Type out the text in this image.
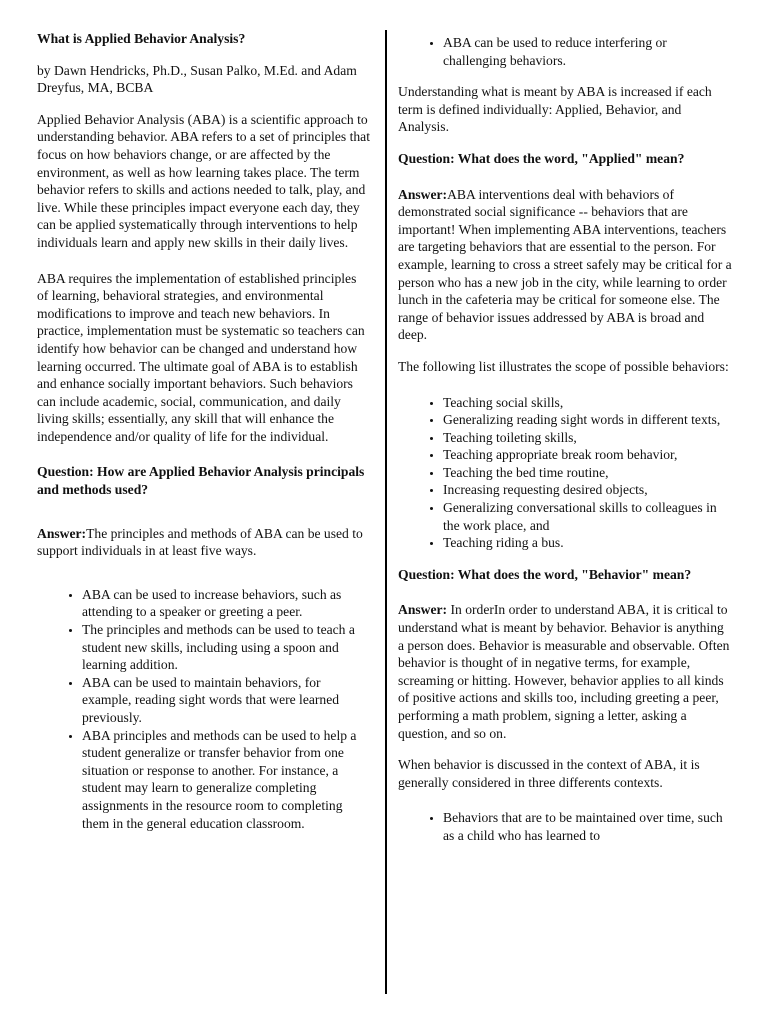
What is Applied Behavior Analysis?

by Dawn Hendricks, Ph.D., Susan Palko, M.Ed. and Adam Dreyfus, MA, BCBA

Applied Behavior Analysis (ABA) is a scientific approach to understanding behavior. ABA refers to a set of principles that focus on how behaviors change, or are affected by the environment, as well as how learning takes place. The term behavior refers to skills and actions needed to talk, play, and live. While these principles impact everyone each day, they can be applied systematically through interventions to help individuals learn and apply new skills in their daily lives.

ABA requires the implementation of established principles of learning, behavioral strategies, and environmental modifications to improve and teach new behaviors. In practice, implementation must be systematic so teachers can identify how behavior can be changed and understand how learning occurred. The ultimate goal of ABA is to establish and enhance socially important behaviors. Such behaviors can include academic, social, communication, and daily living skills; essentially, any skill that will enhance the independence and/or quality of life for the individual.

Question: How are Applied Behavior Analysis principals and methods used?

Answer:The principles and methods of ABA can be used to support individuals in at least five ways.

• ABA can be used to increase behaviors, such as attending to a speaker or greeting a peer.
• The principles and methods can be used to teach a student new skills, including using a spoon and learning addition.
• ABA can be used to maintain behaviors, for example, reading sight words that were learned previously.
• ABA principles and methods can be used to help a student generalize or transfer behavior from one situation or response to another. For instance, a student may learn to generalize completing assignments in the resource room to completing them in the general education classroom.
• ABA can be used to reduce interfering or challenging behaviors.

Understanding what is meant by ABA is increased if each term is defined individually: Applied, Behavior, and Analysis.

Question: What does the word, "Applied" mean?

Answer:ABA interventions deal with behaviors of demonstrated social significance -- behaviors that are important! When implementing ABA interventions, teachers are targeting behaviors that are essential to the person. For example, learning to cross a street safely may be critical for a person who has a new job in the city, while learning to order lunch in the cafeteria may be critical for someone else. The range of behavior issues addressed by ABA is broad and deep.

The following list illustrates the scope of possible behaviors:

• Teaching social skills,
• Generalizing reading sight words in different texts,
• Teaching toileting skills,
• Teaching appropriate break room behavior,
• Teaching the bed time routine,
• Increasing requesting desired objects,
• Generalizing conversational skills to colleagues in the work place, and
• Teaching riding a bus.
Question: What does the word, "Behavior" mean?

Answer: In orderIn order to understand ABA, it is critical to understand what is meant by behavior. Behavior is anything a person does. Behavior is measurable and observable. Often behavior is thought of in negative terms, for example, screaming or hitting. However, behavior applies to all kinds of positive actions and skills too, including greeting a peer, performing a math problem, signing a letter, asking a question, and so on.

When behavior is discussed in the context of ABA, it is generally considered in three differents contexts.

• Behaviors that are to be maintained over time, such as a child who has learned to
